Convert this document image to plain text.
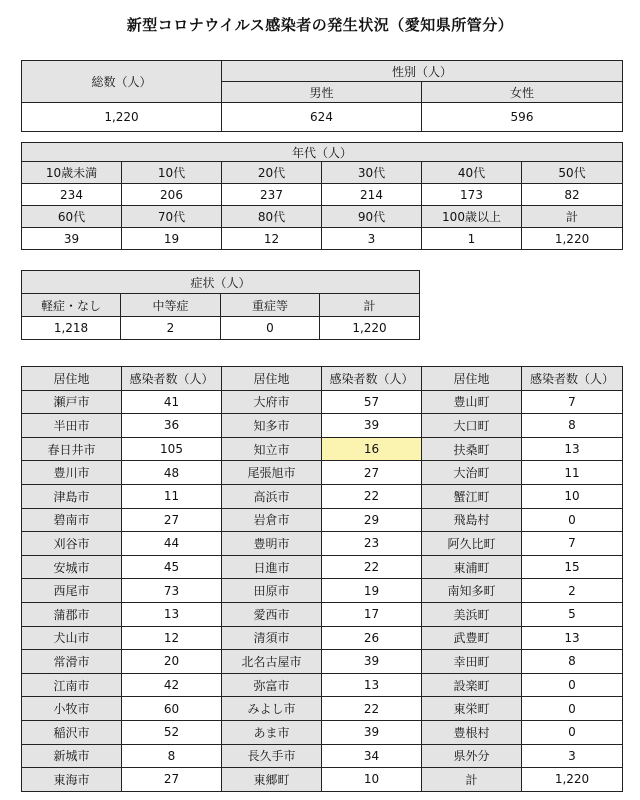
新型コロナウイルス感染者の発生状況（愛知県所管分）
総数（人）	性別（人）	
	男性	女性
1,220	624	596
年代（人）					
10歳未満	10代	20代	30代	40代	50代
234	206	237	214	173	82
60代	70代	80代	90代	100歳以上	計
39	19	12	3	1	1,220
症状（人）			
軽症・なし	中等症	重症等	計
1,218	2	0	1,220
居住地	感染者数（人）	居住地	感染者数（人）	居住地	感染者数（人）
瀬戸市	41	大府市	57	豊山町	7
半田市	36	知多市	39	大口町	8
春日井市	105	知立市	16	扶桑町	13
豊川市	48	尾張旭市	27	大治町	11
津島市	11	高浜市	22	蟹江町	10
碧南市	27	岩倉市	29	飛島村	0
刈谷市	44	豊明市	23	阿久比町	7
安城市	45	日進市	22	東浦町	15
西尾市	73	田原市	19	南知多町	2
蒲郡市	13	愛西市	17	美浜町	5
犬山市	12	清須市	26	武豊町	13
常滑市	20	北名古屋市	39	幸田町	8
江南市	42	弥富市	13	設楽町	0
小牧市	60	みよし市	22	東栄町	0
稲沢市	52	あま市	39	豊根村	0
新城市	8	長久手市	34	県外分	3
東海市	27	東郷町	10	計	1,220
